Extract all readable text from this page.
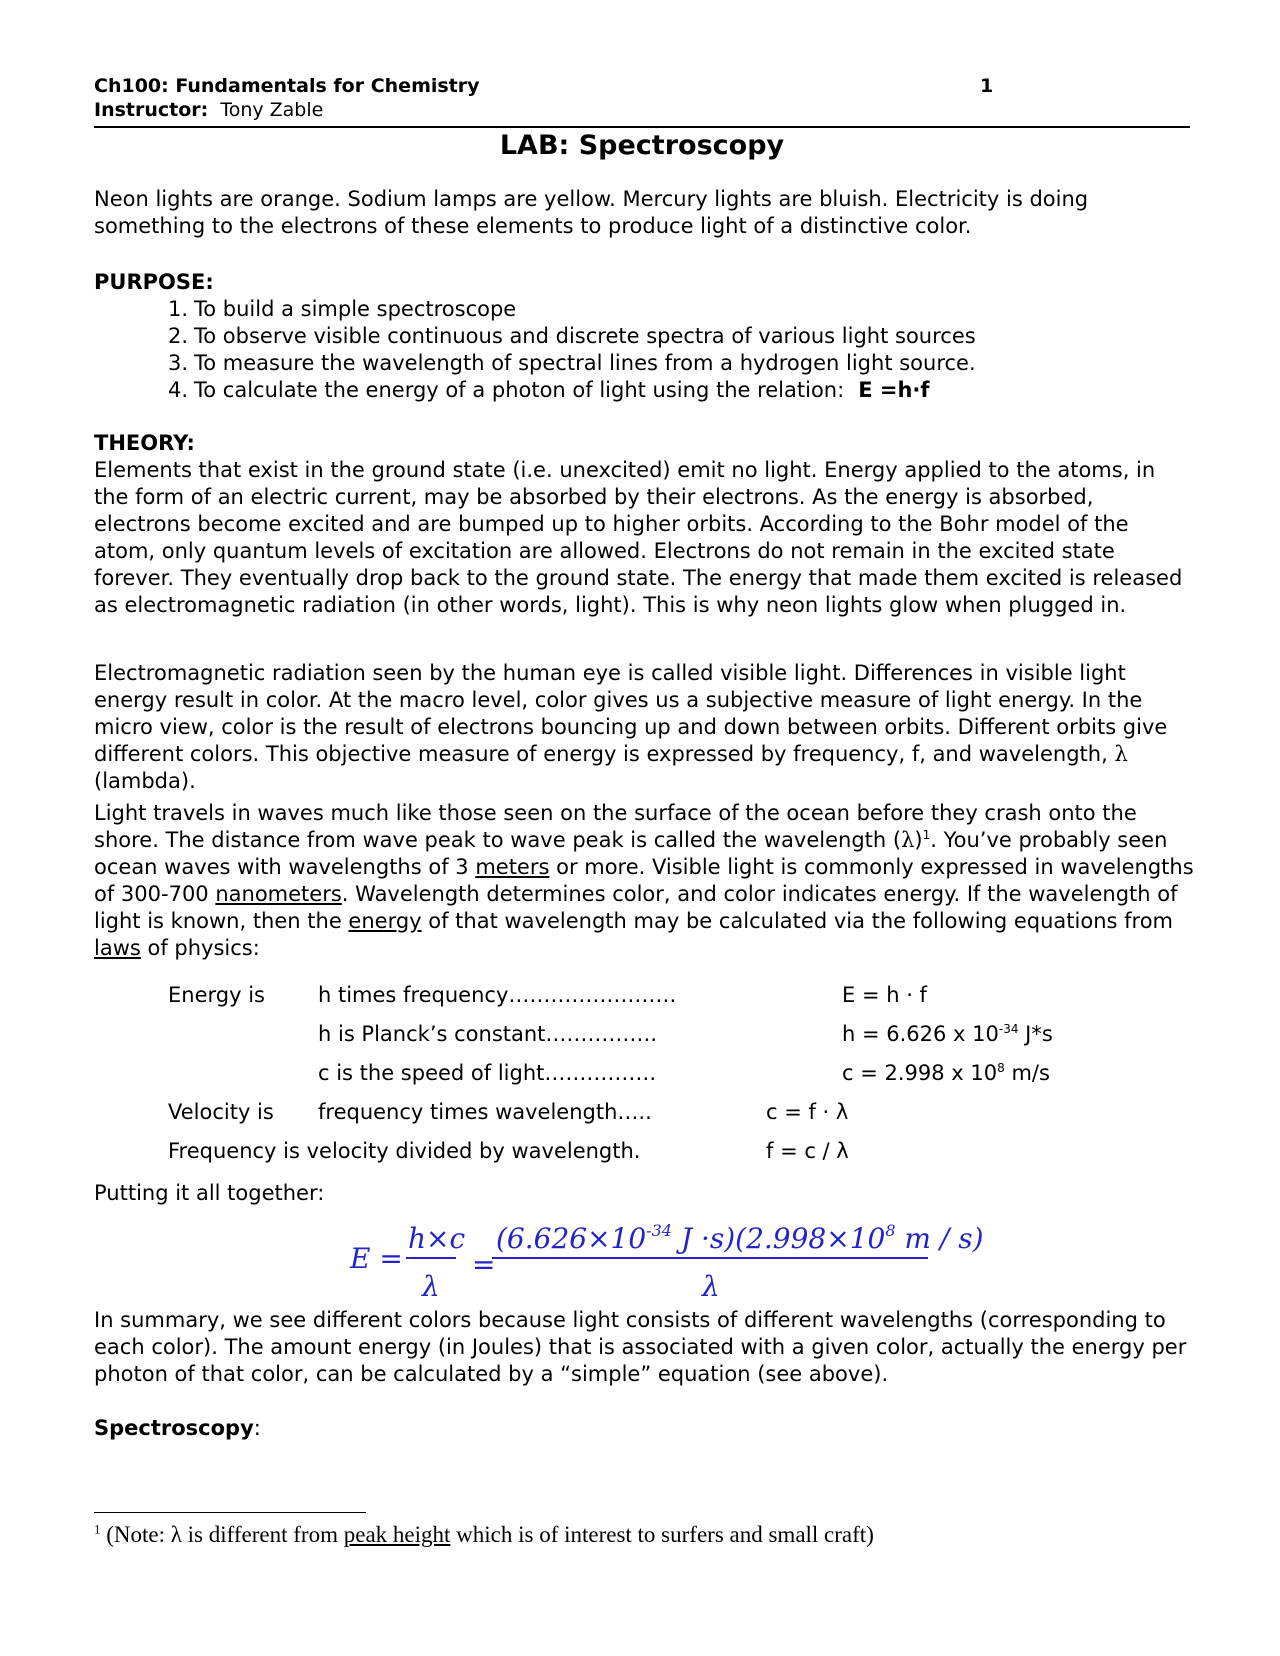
Ch100: Fundamentals for Chemistry	1
Instructor: Tony Zable
LAB: Spectroscopy

Neon lights are orange. Sodium lamps are yellow. Mercury lights are bluish. Electricity is doing something to the electrons of these elements to produce light of a distinctive color.

PURPOSE:
1. To build a simple spectroscope
2. To observe visible continuous and discrete spectra of various light sources
3. To measure the wavelength of spectral lines from a hydrogen light source.
4. To calculate the energy of a photon of light using the relation: E =h·f
THEORY:

Elements that exist in the ground state (i.e. unexcited) emit no light. Energy applied to the atoms, in the form of an electric current, may be absorbed by their electrons. As the energy is absorbed, electrons become excited and are bumped up to higher orbits. According to the Bohr model of the atom, only quantum levels of excitation are allowed. Electrons do not remain in the excited state forever. They eventually drop back to the ground state. The energy that made them excited is released as electromagnetic radiation (in other words, light). This is why neon lights glow when plugged in.

Electromagnetic radiation seen by the human eye is called visible light. Differences in visible light energy result in color. At the macro level, color gives us a subjective measure of light energy. In the micro view, color is the result of electrons bouncing up and down between orbits. Different orbits give different colors. This objective measure of energy is expressed by frequency, f, and wavelength, λ (lambda).

Light travels in waves much like those seen on the surface of the ocean before they crash onto the shore. The distance from wave peak to wave peak is called the wavelength $(\lambda)^1$. You’ve probably seen ocean waves with wavelengths of 3 meters or more. Visible light is commonly expressed in wavelengths of 300-700 nanometers. Wavelength determines color, and color indicates energy. If the wavelength of light is known, then the energy of that wavelength may be calculated via the following equations from laws of physics:

Energy is	h times frequency……………………	E = h · f
h is Planck’s constant…………….	h = 6.626 x $10^{-34}$ J*s
c is the speed of light…………….	c = 2.998 x $10^8$ m/s
Velocity is frequency times wavelength…..	c = f · λ
Frequency is velocity divided by wavelength.	f = c / λ
Putting it all together:
E =
h×c
λ
=
($6.626\times 10^{-34}$ $J \cdot s)(2.998\times 10^8$ m / s)
λ

In summary, we see different colors because light consists of different wavelengths (corresponding to each color). The amount energy (in Joules) that is associated with a given color, actually the energy per photon of that color, can be calculated by a “simple” equation (see above).

Spectroscopy:
$^1$ (Note: λ is different from peak height which is of interest to surfers and small craft)
